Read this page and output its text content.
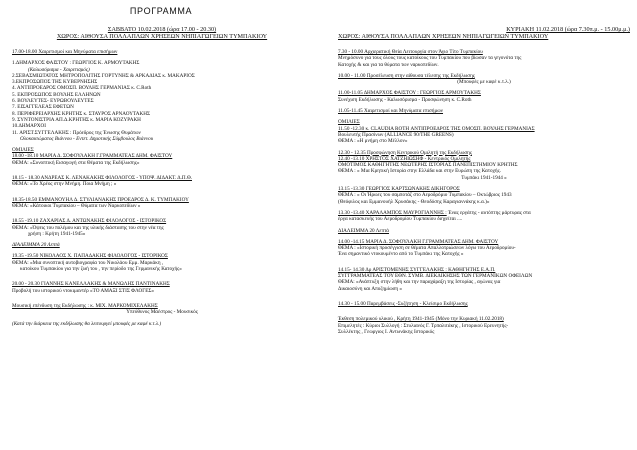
ΠΡΟΓΡΑΜΜΑ
ΣΑΒΒΑΤΟ 10.02.2018 (ώρα 17.00 - 20.30)
ΧΩΡΟΣ: ΑΙΘΟΥΣΑ ΠΟΛΛΑΠΛΩΝ ΧΡΗΣΕΩΝ ΝΗΠΙΑΓΩΓΕΙΩΝ ΤΥΜΠΑΚΙΟΥ
17.00-18.00 Χαιρετισμοί και Μηνύματα επισήμων
1.ΔΗΜΑΡΧΟΣ ΦΑΙΣΤΟΥ : ΓΕΩΡΓΙΟΣ Κ. ΑΡΜΟΥΤΑΚΗΣ
(Καλωσόρισμα - Χαιρετισμός)
2.ΣΕΒΑΣΜΙΩΤΑΤΟΣ ΜΗΤΡΟΠΟΛΙΤΗΣ ΓΟΡΤΥΝΗΣ & ΑΡΚΑΔΙΑΣ κ. ΜΑΚΑΡΙΟΣ
3.ΕΚΠΡΟΣΩΠΟΣ ΤΗΣ ΚΥΒΕΡΝΗΣΗΣ
4. ΑΝΤΙΠΡΟΕΔΡΟΣ ΟΜΟΣΠ. ΒΟΥΛΗΣ ΓΕΡΜΑΝΙΑΣ κ. C.Roth
5. ΕΚΠΡΟΣΩΠΟΣ ΒΟΥΛΗΣ ΕΛΛΗΝΩΝ
6. ΒΟΥΛΕΥΤΕΣ- ΕΥΡΩΒΟΥΛΕΥΤΕΣ
7. ΕΙΣΑΓΓΕΛΕΑΣ ΕΦΕΤΩΝ
8. ΠΕΡΙΦΕΡΕΙΑΡΧΗΣ ΚΡΗΤΗΣ κ. ΣΤΑΥΡΟΣ ΑΡΝΑΟΥΤΑΚΗΣ
9. ΣΥΝΤΟΝΙΣΤΡΙΑ ΑΠ.Δ.ΚΡΗΤΗΣ κ. ΜΑΡΙΑ ΚΟΖΥΡΑΚΗ
10.ΔΗΜΑΡΧΟΙ
11. ΑΡΙΣΤ.ΣΥΓΓΕΛΑΚΗΣ : Πρόεδρος της Ένωσης Θυμάτων
Ολοκαυτώματος Βιάννου - Εντετ. Δημοτικής Σύμβουλος Βιάννου
ΟΜΙΛΙΕΣ
18.00 -18.10 ΜΑΡΙΑ Δ. ΣΟΦΟΥΛΑΚΗ Γ.ΓΡΑΜΜΑΤΕΑΣ ΔΗΜ. ΦΑΙΣΤΟΥ
ΘΕΜΑ: «Συνοπτική Εισαγωγή στα Θέματα της Εκδήλωσης»
18.15 - 18.30 ΑΝΔΡΕΑΣ Κ. ΛΕΝΑΚΑΚΗΣ ΦΙΛΟΛΟΓΟΣ - ΥΠΟΨ. ΔΙΔΑΚΤ. Δ.Π.Θ.
ΘΕΜΑ: «Το Χρέος στην Μνήμη. Ποια Μνήμη ; »
18.35-18.50 ΕΜΜΑΝΟΥΗΛ Δ. ΣΤΥΛΙΑΝΑΚΗΣ ΠΡΟΕΔΡΟΣ Δ. Κ. ΤΥΜΠΑΚΙΟΥ
ΘΕΜΑ: «Κάτοικοι Τυμπακίου – Θύματα των Ναρκοπεδίων »
18.55 -19.10 ΖΑΧΑΡΙΑΣ Δ. ΑΝΤΩΝΑΚΗΣ ΦΙΛΟΛΟΓΟΣ - ΙΣΤΟΡΙΚΟΣ
ΘΕΜΑ: «Όψεις του πολέμου και της υλικής διάστασης του στην νέα της
χρήση : Κρήτη 1941-1945»
ΔΙΑΛΕΙΜΜΑ 20 Λεπτά
19.35 -19.50 ΝΙΚΟΛΑΟΣ Χ. ΠΑΠΑΔΑΚΗΣ ΦΙΛΟΛΟΓΟΣ - ΙΣΤΟΡΙΚΟΣ
ΘΕΜΑ: «Μια συνοπτική αυτοβιογραφία του Νικολάου Εμμ. Μαρκάκη ,
κατοίκου Τυμπακίου για την ζωή του , την περίοδο της Γερμανικής Κατοχής»
20.00 - 20.30 ΓΙΑΝΝΗΣ ΚΑΝΕΛΛΑΚΗΣ & ΜΑΝΩΛΗΣ ΠΑΝΤΙΝΑΚΗΣ
Προβολή του ιστορικού ντοκιμαντέρ «ΤΟ ΑΜΑΞΙ ΣΤΙΣ ΦΛΟΓΕΣ»
Μουσική επένδυση της Εκδήλωσης : κ. ΜΙΧ. ΜΑΡΚΟΜΙΧΕΛΑΚΗΣ
Υπεύθυνος Μαέστρος - Μουσικός
(Κατά την διάρκεια της εκδήλωσης θα λειτουργεί μπουφές με καφέ κ.τ.λ.)
ΚΥΡΙΑΚΗ 11.02.2018 (ώρα 7.30π.μ. - 15.00μ.μ.)
ΧΩΡΟΣ: ΑΙΘΟΥΣΑ ΠΟΛΛΑΠΛΩΝ ΧΡΗΣΕΩΝ ΝΗΠΙΑΓΩΓΕΙΩΝ ΤΥΜΠΑΚΙΟΥ
7.30 - 10.00 Αρχιερατική Θεία Λειτουργία στον Άγιο Τίτο Τυμπακίου
Μνημόσυνο για τους όλους τους κατοίκους του Τυμπακίου που βίωσαν τα γεγονότα της
Κατοχής & και για τα θύματα των ναρκοπεδίων.
10.00 - 11.00 Προσέλευση στην αίθουσα τέλεσης της Εκδήλωσης
(Μπουφές με καφέ κ.τ.λ.)
11.00-11.05 ΔΗΜΑΡΧΟΣ ΦΑΙΣΤΟΥ : ΓΕΩΡΓΙΟΣ ΑΡΜΟΥΤΑΚΗΣ
Συνέχιση Εκδήλωσης - Καλωσόρισμα - Προσφώνηση κ. C.Roth
11.05-11.45 Χαιρετισμοί και Μηνύματα επισήμων
ΟΜΙΛΙΕΣ
11.50 -12.30 κ. CLAUDIA ROTH ΑΝΤΙΠΡΟΕΔΡΟΣ ΤΗΣ ΟΜΟΣΠ. ΒΟΥΛΗΣ ΓΕΡΜΑΝΙΑΣ
Βουλευτής Πρασίνων (ALLIANCE 90/THE GREENS)
ΘΕΜΑ : «Η μνήμη στο Μέλλον»
12.30 - 12.35 Προσφώνηση Κεντρικού Ομιλητή της Εκδήλωσης
12.40 -13.10 ΧΡΗΣΤΟΣ ΧΑΤΖΗΙΩΣΗΦ - Κεντρικός Ομιλητής
ΟΜΟΤΙΜΟΣ ΚΑΘΗΓΗΤΗΣ ΝΕΩΤΕΡΗΣ ΙΣΤΟΡΙΑΣ ΠΑΝΕΠΙΣΤΗΜΙΟΥ ΚΡΗΤΗΣ
ΘΕΜΑ : « Μια Κρητική Ιστορία στην Ελλάδα και στην Ευρώπη της Κατοχής.
Τυμπάκι 1941-1944 »
13.15 -13.30 ΓΕΩΡΓΙΟΣ ΚΑΡΤΣΩΝΑΚΗΣ ΔΙΚΗΓΟΡΟΣ
ΘΕΜΑ : « Οι Ήρωες του σαμποτάζ στο Αεροδρόμιο Τυμπακίου – Οκτώβριος 1943
(Θεόφιλος και Εμμανουήλ Χρυσάκης - Θεοδόσης Καραγιαννάκης κ.α.)»
13.30 -13.40 ΧΑΡΑΛΑΜΠΟΣ ΜΑΥΡΟΓΙΑΝΝΗΣ : Ένας εργάτης - αυτόπτης μάρτυρας στα
έργα κατασκευής του Αεροδρομίου Τυμπακίου διηγείται ....
ΔΙΑΛΕΙΜΜΑ 20 Λεπτά
14.00 -14.15 ΜΑΡΙΑ Δ. ΣΟΦΟΥΛΑΚΗ Γ.ΓΡΑΜΜΑΤΕΑΣ ΔΗΜ. ΦΑΙΣΤΟΥ
ΘΕΜΑ : «Ιστορική προσέγγιση σε θέματα Απαλλοτριώσεων λόγω του Αεροδρομίου-
Ένα σημαντικό ντοκουμέντο από το Τυμπάκι της Κατοχής »
14.15- 14.30 Δρ ΑΡΙΣΤΟΜΕΝΗΣ ΣΥΓΓΕΛΑΚΗΣ : ΚΑΘΗΓΗΤΗΣ Ε.Α.Π.
ΣΥΓΓΡΑΜΜΑΤΕΑΣ ΤΟΥ ΕΘΝ. ΣΥΜΒ. ΔΙΕΚΔΙΚΗΣΗΣ ΤΩΝ ΓΕΡΜΑΝΙΚΩΝ ΟΦΕΙΛΩΝ
ΘΕΜΑ: «Ανάπτυξη στην λήθη και την παραχάραξη της Ιστορίας , αγώνας για
Δικαιοσύνη και Αποζημίωση »
14.30 - 15.00 Παρεμβάσεις -Συζήτηση - Κλείσιμο Εκδήλωσης
Έκθεση πολεμικού υλικού , Κρήτη 1941-1945 (Μόνο την Κυριακή 11.02.2018)
Επιμελητές : Κύριοι Συλλογή : Στυλιανός Γ. Τρπαλιτάκης , Ιστορικού Ερευνητής-
Συλλέκτης , Γεωργιος Ι. Αντωνάκης Ιστορικός
